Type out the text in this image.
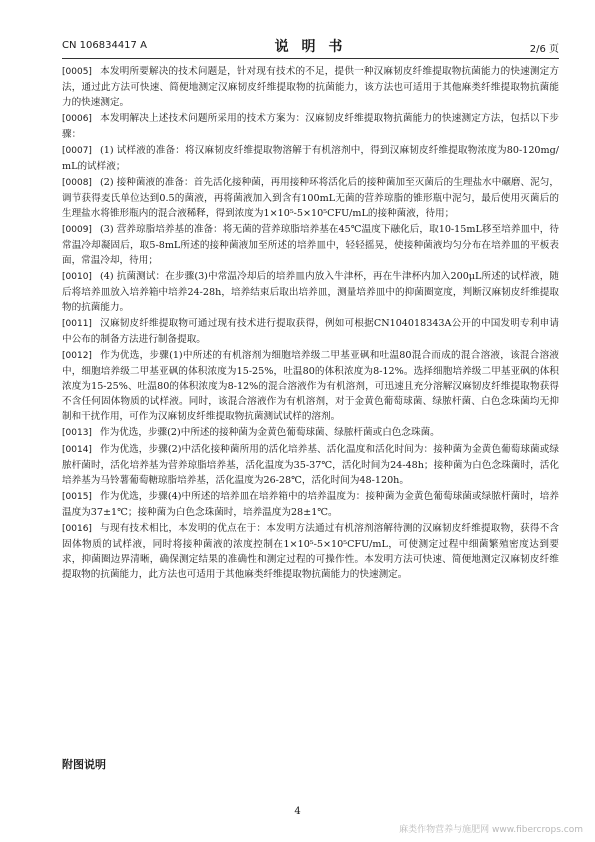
CN 106834417 A	说 明 书	2/6 页

[0005] 本发明所要解决的技术问题是，针对现有技术的不足，提供一种汉麻韧皮纤维提取物抗菌能力的快速测定方法，通过此方法可快速、简便地测定汉麻韧皮纤维提取物的抗菌能力，该方法也可适用于其他麻类纤维提取物抗菌能力的快速测定。

[0006] 本发明解决上述技术问题所采用的技术方案为：汉麻韧皮纤维提取物抗菌能力的快速测定方法，包括以下步骤：

[0007] (1) 试样液的准备：将汉麻韧皮纤维提取物溶解于有机溶剂中，得到汉麻韧皮纤维提取物浓度为80-120mg/mL的试样液；

[0008] (2) 接种菌液的准备：首先活化接种菌，再用接种环将活化后的接种菌加至灭菌后的生理盐水中碾磨、泥匀，调节获得麦氏单位达到0.5的菌液，再将菌液加入到含有100mL无菌的营养琼脂的锥形瓶中泥匀，最后使用灭菌后的生理盐水将锥形瓶内的混合液稀释，得到浓度为1×10⁵-5×10⁵CFU/mL的接种菌液，待用；

[0009] (3) 营养琼脂培养基的准备：将无菌的营养琼脂培养基在45℃温度下融化后，取10-15mL移至培养皿中，待常温冷却凝固后，取5-8mL所述的接种菌液加至所述的培养皿中，轻轻摇晃，使接种菌液均匀分布在培养皿的平板表面，常温冷却，待用；

[0010] (4) 抗菌测试：在步骤(3)中常温冷却后的培养皿内放入牛津杯，再在牛津杯内加入200μL所述的试样液，随后将培养皿放入培养箱中培养24-28h，培养结束后取出培养皿，测量培养皿中的抑菌圈宽度，判断汉麻韧皮纤维提取物的抗菌能力。

[0011] 汉麻韧皮纤维提取物可通过现有技术进行提取获得，例如可根据CN104018343A公开的中国发明专利申请中公布的制备方法进行制备提取。

[0012] 作为优选，步骤(1)中所述的有机溶剂为细胞培养级二甲基亚砜和吐温80混合而成的混合溶液，该混合溶液中，细胞培养级二甲基亚砜的体积浓度为15-25%，吐温80的体积浓度为8-12%。选择细胞培养级二甲基亚砜的体积浓度为15-25%、吐温80的体积浓度为8-12%的混合溶液作为有机溶剂，可迅速且充分溶解汉麻韧皮纤维提取物获得不含任何固体物质的试样液。同时，该混合溶液作为有机溶剂，对于金黄色葡萄球菌、绿脓杆菌、白色念珠菌均无抑制和干扰作用，可作为汉麻韧皮纤维提取物抗菌测试试样的溶剂。

[0013] 作为优选，步骤(2)中所述的接种菌为金黄色葡萄球菌、绿脓杆菌或白色念珠菌。

[0014] 作为优选，步骤(2)中活化接种菌所用的活化培养基、活化温度和活化时间为：接种菌为金黄色葡萄球菌或绿脓杆菌时，活化培养基为营养琼脂培养基，活化温度为35-37℃，活化时间为24-48h；接种菌为白色念珠菌时，活化培养基为马铃薯葡萄糖琼脂培养基，活化温度为26-28℃，活化时间为48-120h。

[0015] 作为优选，步骤(4)中所述的培养皿在培养箱中的培养温度为：接种菌为金黄色葡萄球菌或绿脓杆菌时，培养温度为37±1℃；接种菌为白色念珠菌时，培养温度为28±1℃。

[0016] 与现有技术相比，本发明的优点在于：本发明方法通过有机溶剂溶解待测的汉麻韧皮纤维提取物，获得不含固体物质的试样液，同时将接种菌液的浓度控制在1×10⁵-5×10⁵CFU/mL，可使测定过程中细菌繁殖密度达到要求，抑菌圈边界清晰，确保测定结果的准确性和测定过程的可操作性。本发明方法可快速、简便地测定汉麻韧皮纤维提取物的抗菌能力，此方法也可适用于其他麻类纤维提取物抗菌能力的快速测定。

附图说明
4
麻类作物营养与施肥网 www.fibercrops.com
